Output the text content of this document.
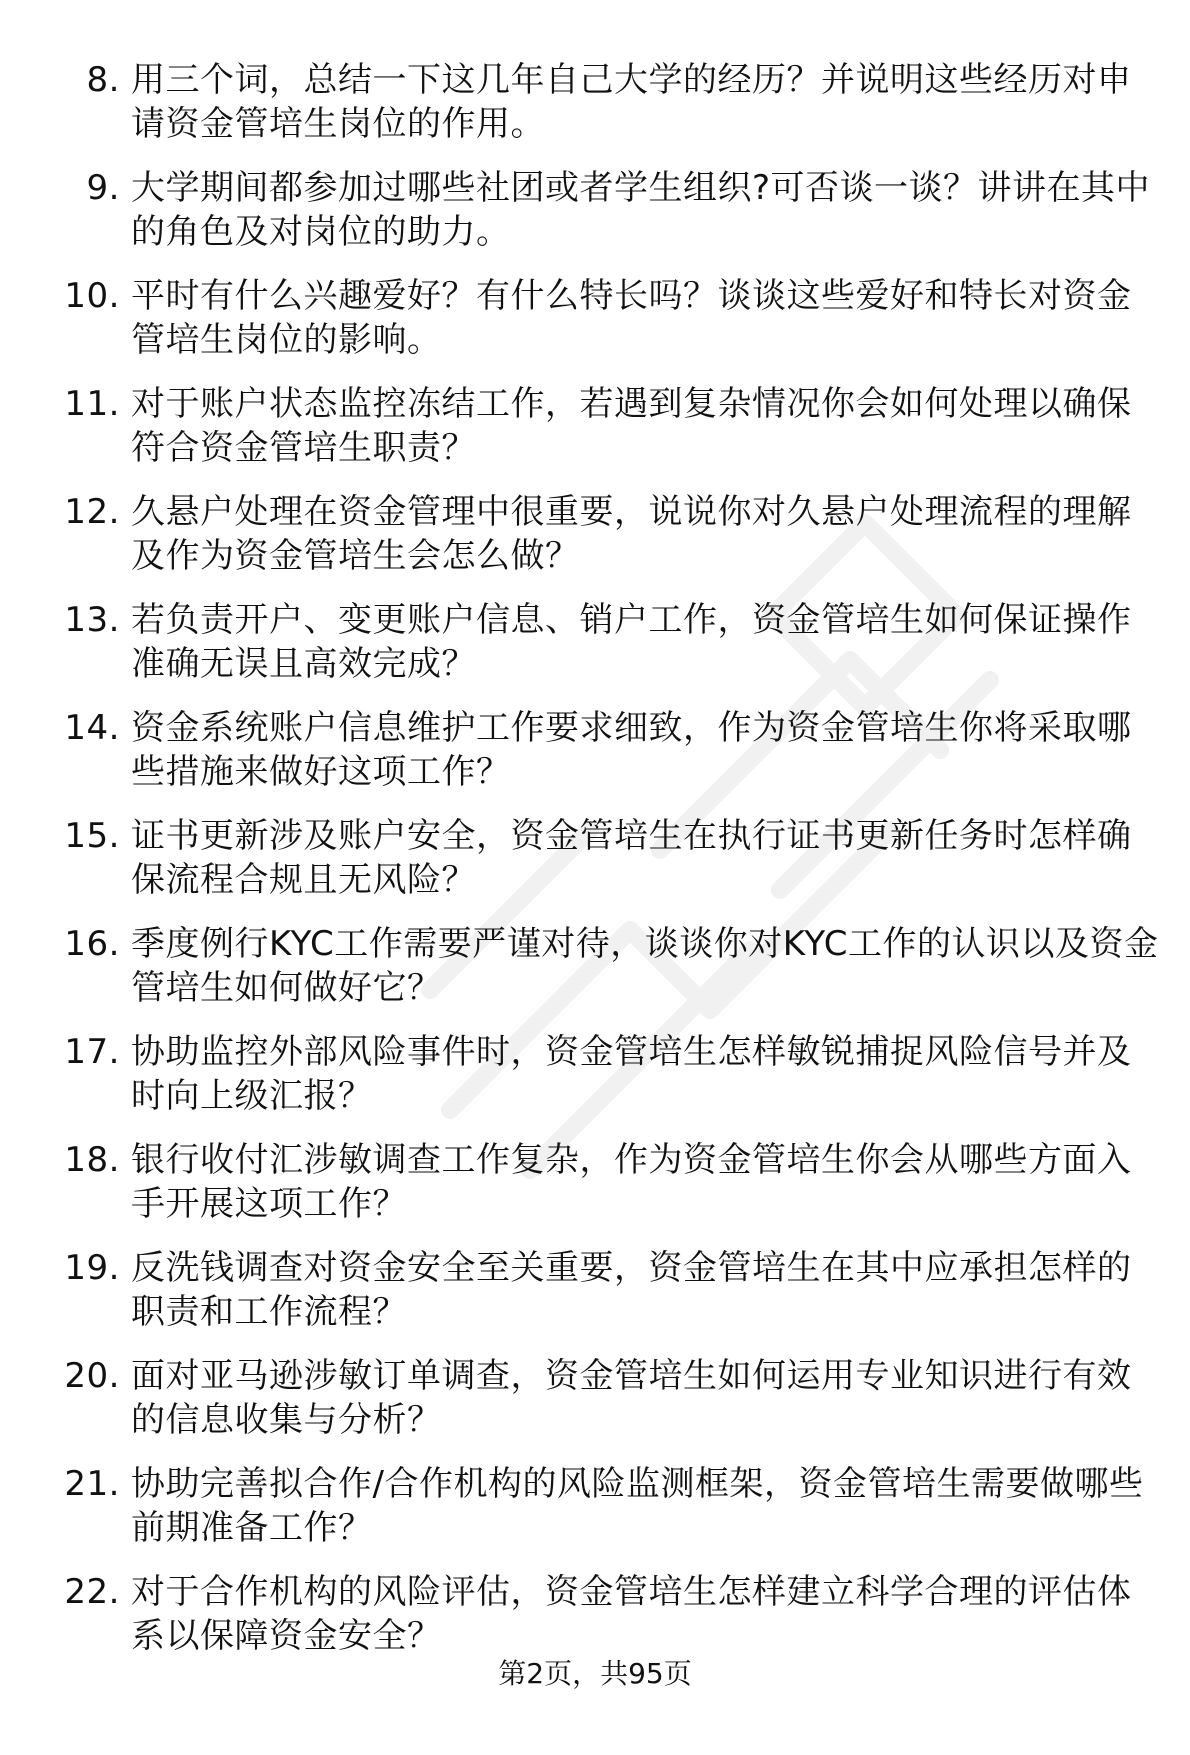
8. 用三个词，总结一下这几年自己大学的经历？并说明这些经历对申请资金管培生岗位的作用。
9. 大学期间都参加过哪些社团或者学生组织?可否谈一谈？讲讲在其中的角色及对岗位的助力。
10. 平时有什么兴趣爱好？有什么特长吗？谈谈这些爱好和特长对资金管培生岗位的影响。
11. 对于账户状态监控冻结工作，若遇到复杂情况你会如何处理以确保符合资金管培生职责？
12. 久悬户处理在资金管理中很重要，说说你对久悬户处理流程的理解及作为资金管培生会怎么做？
13. 若负责开户、变更账户信息、销户工作，资金管培生如何保证操作准确无误且高效完成？
14. 资金系统账户信息维护工作要求细致，作为资金管培生你将采取哪些措施来做好这项工作？
15. 证书更新涉及账户安全，资金管培生在执行证书更新任务时怎样确保流程合规且无风险？
16. 季度例行KYC工作需要严谨对待，谈谈你对KYC工作的认识以及资金管培生如何做好它？
17. 协助监控外部风险事件时，资金管培生怎样敏锐捕捉风险信号并及时向上级汇报？
18. 银行收付汇涉敏调查工作复杂，作为资金管培生你会从哪些方面入手开展这项工作？
19. 反洗钱调查对资金安全至关重要，资金管培生在其中应承担怎样的职责和工作流程？
20. 面对亚马逊涉敏订单调查，资金管培生如何运用专业知识进行有效的信息收集与分析？
21. 协助完善拟合作/合作机构的风险监测框架，资金管培生需要做哪些前期准备工作？
22. 对于合作机构的风险评估，资金管培生怎样建立科学合理的评估体系以保障资金安全？
第2页，共95页
